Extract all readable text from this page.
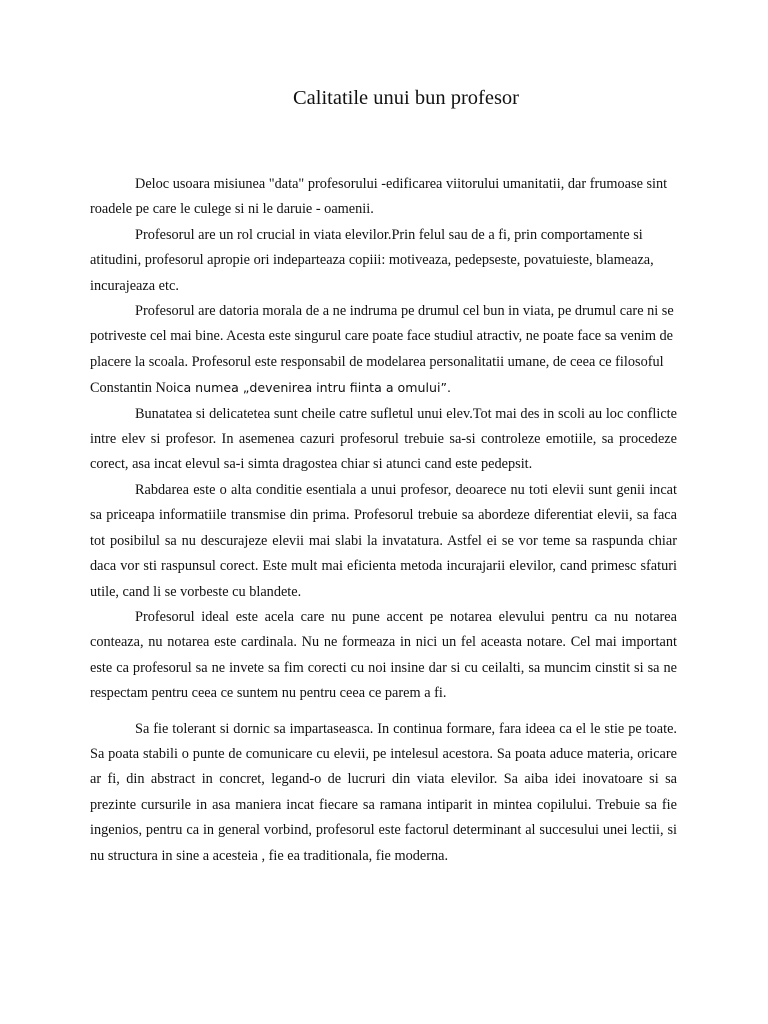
Calitatile unui bun profesor

Deloc usoara misiunea "data" profesorului -edificarea viitorului umanitatii, dar frumoase sint roadele pe care le culege si ni le daruie - oamenii.

Profesorul are un rol crucial in viata elevilor.Prin felul sau de a fi, prin comportamente si atitudini, profesorul apropie ori indeparteaza copiii: motiveaza, pedepseste, povatuieste, blameaza, incurajeaza etc.

Profesorul are datoria morala de a ne indruma pe drumul cel bun in viata, pe drumul care ni se potriveste cel mai bine. Acesta este singurul care poate face studiul atractiv, ne poate face sa venim de placere la scoala. Profesorul este responsabil de modelarea personalitatii umane, de ceea ce filosoful Constantin Noica numea „devenirea intru fiinta a omului”.

Bunatatea si delicatetea sunt cheile catre sufletul unui elev.Tot mai des in scoli au loc conflicte intre elev si profesor. In asemenea cazuri profesorul trebuie sa-si controleze emotiile, sa procedeze corect, asa incat elevul sa-i simta dragostea chiar si atunci cand este pedepsit.

Rabdarea este o alta conditie esentiala a unui profesor, deoarece nu toti elevii sunt genii incat sa priceapa informatiile transmise din prima. Profesorul trebuie sa abordeze diferentiat elevii, sa faca tot posibilul sa nu descurajeze elevii mai slabi la invatatura. Astfel ei se vor teme sa raspunda chiar daca vor sti raspunsul corect. Este mult mai eficienta metoda incurajarii elevilor, cand primesc sfaturi utile, cand li se vorbeste cu blandete.

Profesorul ideal este acela care nu pune accent pe notarea elevului pentru ca nu notarea conteaza, nu notarea este cardinala. Nu ne formeaza in nici un fel aceasta notare. Cel mai important este ca profesorul sa ne invete sa fim corecti cu noi insine dar si cu ceilalti, sa muncim cinstit si sa ne respectam pentru ceea ce suntem nu pentru ceea ce parem a fi.

Sa fie tolerant si dornic sa impartaseasca. In continua formare, fara ideea ca el le stie pe toate. Sa poata stabili o punte de comunicare cu elevii, pe intelesul acestora. Sa poata aduce materia, oricare ar fi, din abstract in concret, legand-o de lucruri din viata elevilor. Sa aiba idei inovatoare si sa prezinte cursurile in asa maniera incat fiecare sa ramana intiparit in mintea copilului. Trebuie sa fie ingenios, pentru ca in general vorbind, profesorul este factorul determinant al succesului unei lectii, si nu structura in sine a acesteia , fie ea traditionala, fie moderna.
